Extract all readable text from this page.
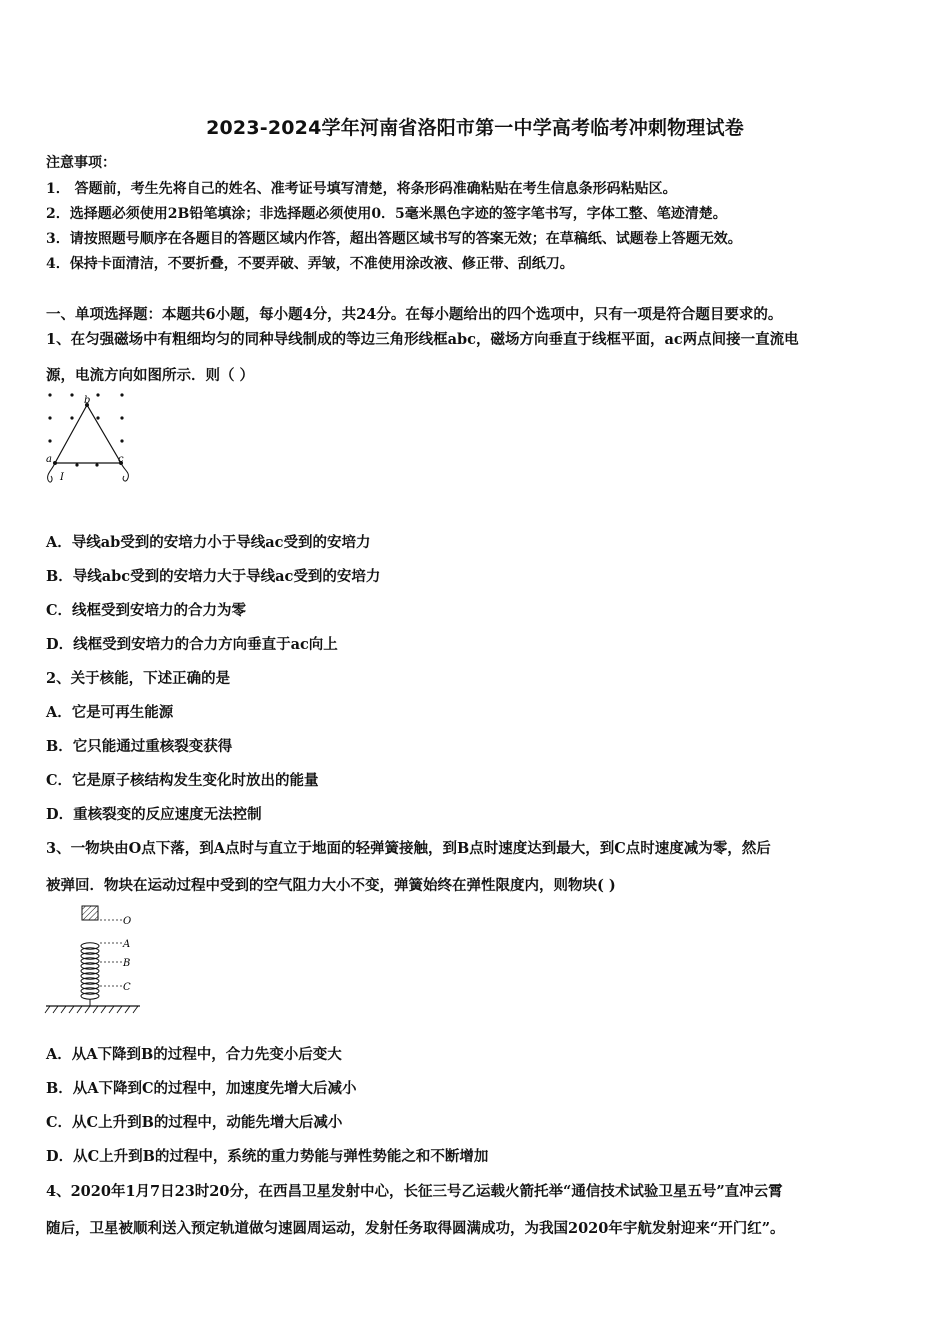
2023-2024学年河南省洛阳市第一中学高考临考冲刺物理试卷
注意事项：
1． 答题前，考生先将自己的姓名、准考证号填写清楚，将条形码准确粘贴在考生信息条形码粘贴区。
2．选择题必须使用2B铅笔填涂；非选择题必须使用0．5毫米黑色字迹的签字笔书写，字体工整、笔迹清楚。
3．请按照题号顺序在各题目的答题区域内作答，超出答题区域书写的答案无效；在草稿纸、试题卷上答题无效。
4．保持卡面清洁，不要折叠，不要弄破、弄皱，不准使用涂改液、修正带、刮纸刀。
一、单项选择题：本题共6小题，每小题4分，共24分。在每小题给出的四个选项中，只有一项是符合题目要求的。
1、在匀强磁场中有粗细均匀的同种导线制成的等边三角形线框abc，磁场方向垂直于线框平面，ac两点间接一直流电
源，电流方向如图所示．则（ ）
b
a	c
I
A．导线ab受到的安培力小于导线ac受到的安培力
B．导线abc受到的安培力大于导线ac受到的安培力
C．线框受到安培力的合力为零
D．线框受到安培力的合力方向垂直于ac向上
2、关于核能，下述正确的是
A．它是可再生能源
B．它只能通过重核裂变获得
C．它是原子核结构发生变化时放出的能量
D．重核裂变的反应速度无法控制
3、一物块由O点下落，到A点时与直立于地面的轻弹簧接触，到B点时速度达到最大，到C点时速度减为零，然后
被弹回．物块在运动过程中受到的空气阻力大小不变，弹簧始终在弹性限度内，则物块( )
O
A
B
C
A．从A下降到B的过程中，合力先变小后变大
B．从A下降到C的过程中，加速度先增大后减小
C．从C上升到B的过程中，动能先增大后减小
D．从C上升到B的过程中，系统的重力势能与弹性势能之和不断增加
4、2020年1月7日23时20分，在西昌卫星发射中心，长征三号乙运载火箭托举“通信技术试验卫星五号”直冲云霄
随后，卫星被顺利送入预定轨道做匀速圆周运动，发射任务取得圆满成功，为我国2020年宇航发射迎来“开门红”。
